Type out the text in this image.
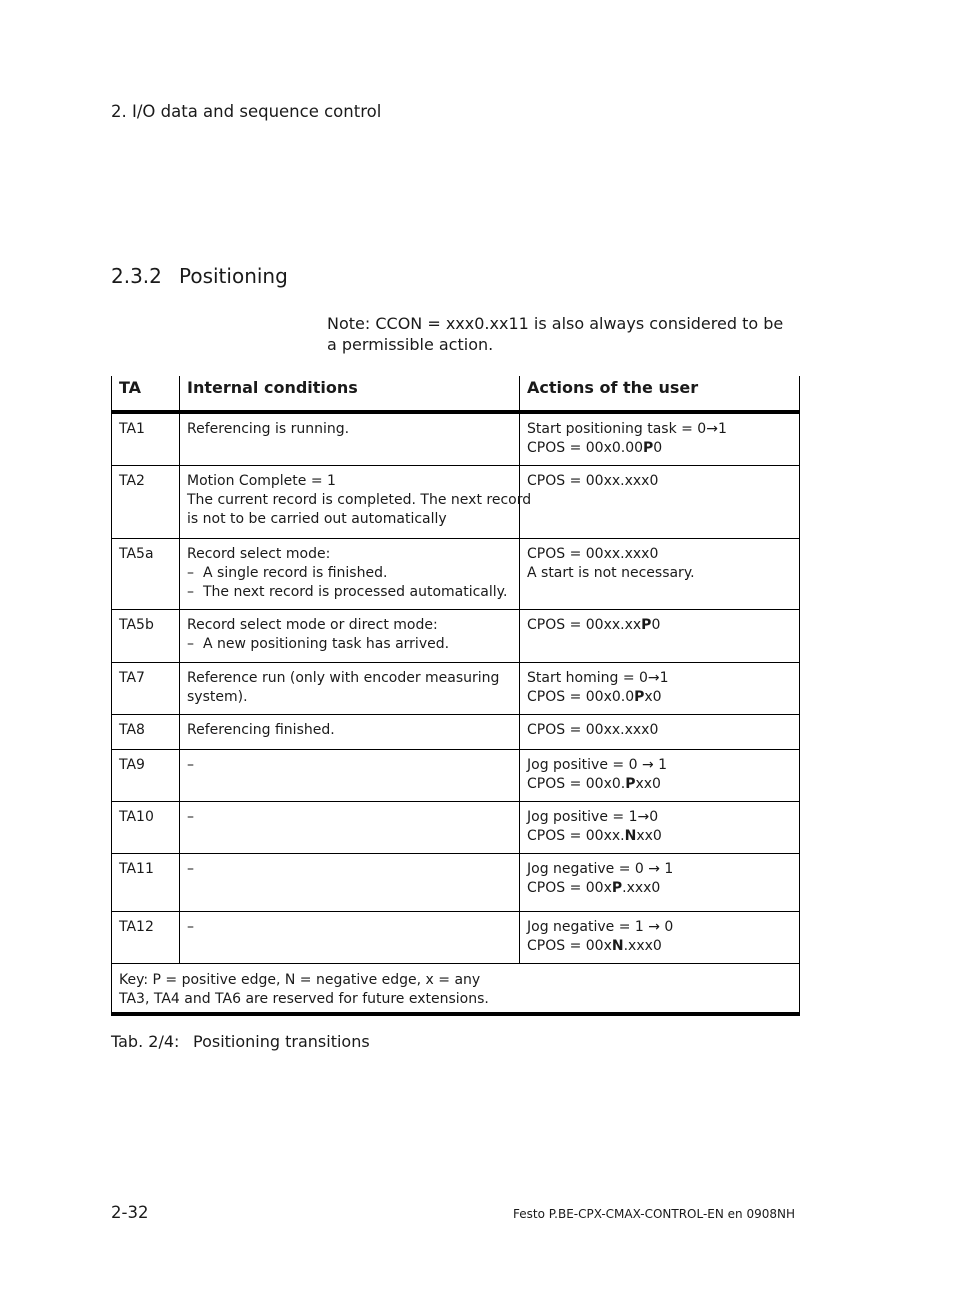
2. I/O data and sequence control
2.3.2 Positioning
Note: CCON = xxx0.xx11 is also always considered to be a permissible action.
TA	Internal conditions	Actions of the user
TA1	Referencing is running.	Start positioning task = 0→1
CPOS = 00x0.00P0

TA2	Motion Complete = 1
The current record is completed. The next record
is not to be carried out automatically	CPOS = 00xx.xxx0

TA5a	Record select mode:
– A single record is finished.
– The next record is processed automatically.	CPOS = 00xx.xxx0
A start is not necessary.

TA5b	Record select mode or direct mode:
– A new positioning task has arrived.	CPOS = 00xx.xxP0

TA7	Reference run (only with encoder measuring
system).	Start homing = 0→1
CPOS = 00x0.0Px0

TA8	Referencing finished.	CPOS = 00xx.xxx0

TA9	–	Jog positive = 0 → 1
CPOS = 00x0.Pxx0

TA10	–	Jog positive = 1→0
CPOS = 00xx.Nxx0

TA11	–	Jog negative = 0 → 1
CPOS = 00xP.xxx0

TA12	–	Jog negative = 1 → 0
CPOS = 00xN.xxx0

Key: P = positive edge, N = negative edge, x = any
TA3, TA4 and TA6 are reserved for future extensions.		
Tab. 2/4: Positioning transitions
2-32	Festo P.BE-CPX-CMAX-CONTROL-EN en 0908NH
